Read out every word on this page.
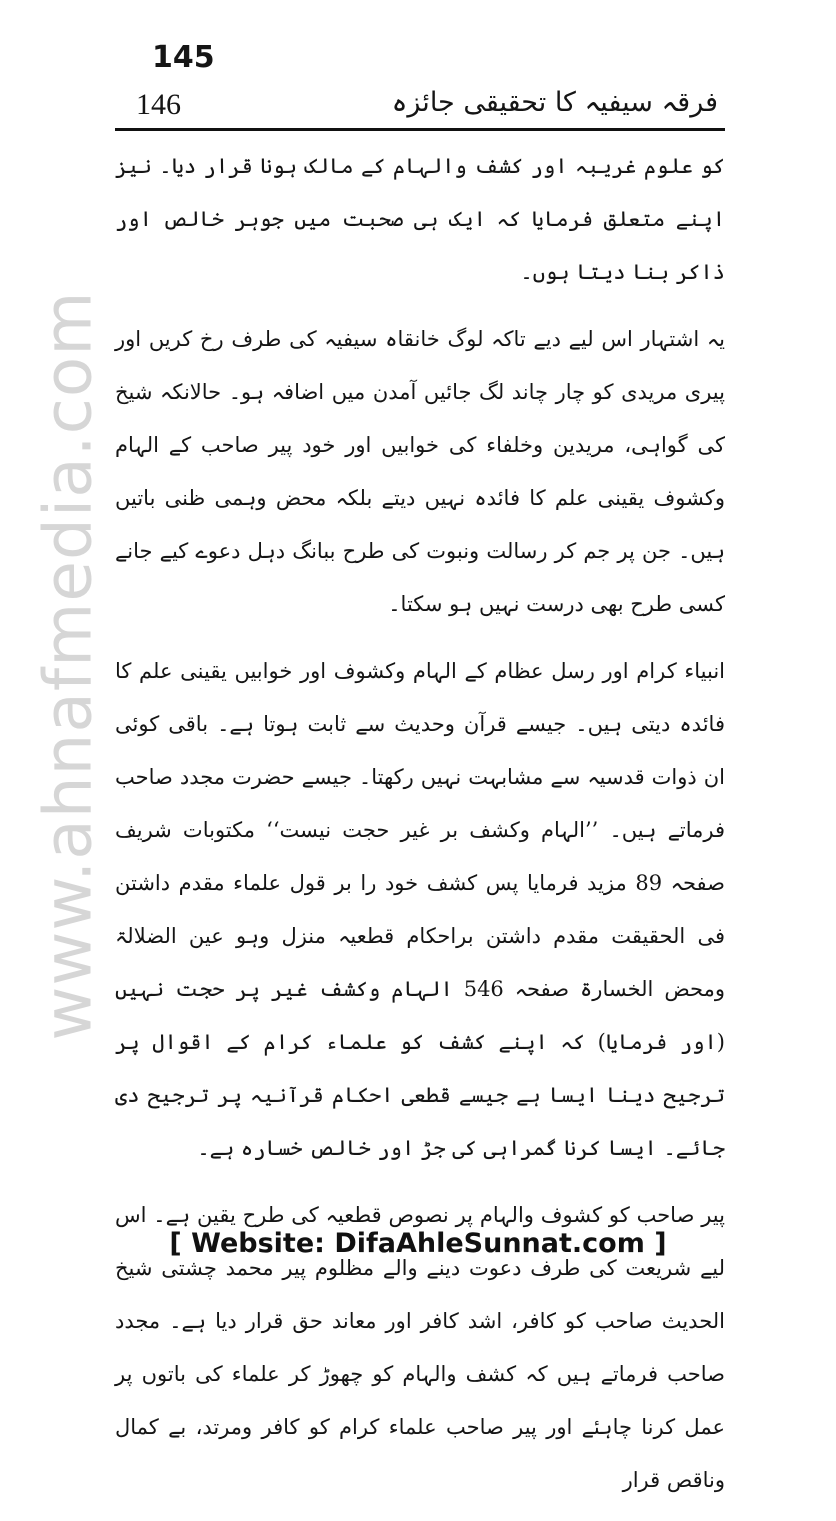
www.ahnafmedia.com
145
146	فرقہ سیفیہ کا تحقیقی جائزہ

کو علوم غریبہ اور کشف والہام کے مالک ہونا قرار دیا۔ نیز اپنے متعلق فرمایا کہ ایک ہی صحبت میں جوہر خالص اور ذاکر بنا دیتا ہوں۔

یہ اشتہار اس لیے دیے تاکہ لوگ خانقاہ سیفیہ کی طرف رخ کریں اور پیری مریدی کو چار چاند لگ جائیں آمدن میں اضافہ ہو۔ حالانکہ شیخ کی گواہی، مریدین وخلفاء کی خوابیں اور خود پیر صاحب کے الہام وکشوف یقینی علم کا فائدہ نہیں دیتے بلکہ محض وہمی ظنی باتیں ہیں۔ جن پر جم کر رسالت ونبوت کی طرح ببانگ دہل دعوے کیے جانے کسی طرح بھی درست نہیں ہو سکتا۔

انبیاء کرام اور رسل عظام کے الہام وکشوف اور خوابیں یقینی علم کا فائدہ دیتی ہیں۔ جیسے قرآن وحدیث سے ثابت ہوتا ہے۔ باقی کوئی ان ذوات قدسیہ سے مشابہت نہیں رکھتا۔ جیسے حضرت مجدد صاحب فرماتے ہیں۔ ’’الہام وکشف بر غیر حجت نیست‘‘ مکتوبات شریف صفحہ 89 مزید فرمایا پس کشف خود را بر قول علماء مقدم داشتن فی الحقیقت مقدم داشتن براحکام قطعیہ منزل وہو عین الضلالۃ ومحض الخسارۃ صفحہ 546 الہام وکشف غیر پر حجت نہیں (اور فرمایا) کہ اپنے کشف کو علماء کرام کے اقوال پر ترجیح دینا ایسا ہے جیسے قطعی احکام قرآنیہ پر ترجیح دی جائے۔ ایسا کرنا گمراہی کی جڑ اور خالص خسارہ ہے۔

پیر صاحب کو کشوف والہام پر نصوص قطعیہ کی طرح یقین ہے۔ اس لیے شریعت کی طرف دعوت دینے والے مظلوم پیر محمد چشتی شیخ الحدیث صاحب کو کافر، اشد کافر اور معاند حق قرار دیا ہے۔ مجدد صاحب فرماتے ہیں کہ کشف والہام کو چھوڑ کر علماء کی باتوں پر عمل کرنا چاہئے اور پیر صاحب علماء کرام کو کافر ومرتد، بے کمال وناقص قرار

[ Website: DifaAhleSunnat.com ]
